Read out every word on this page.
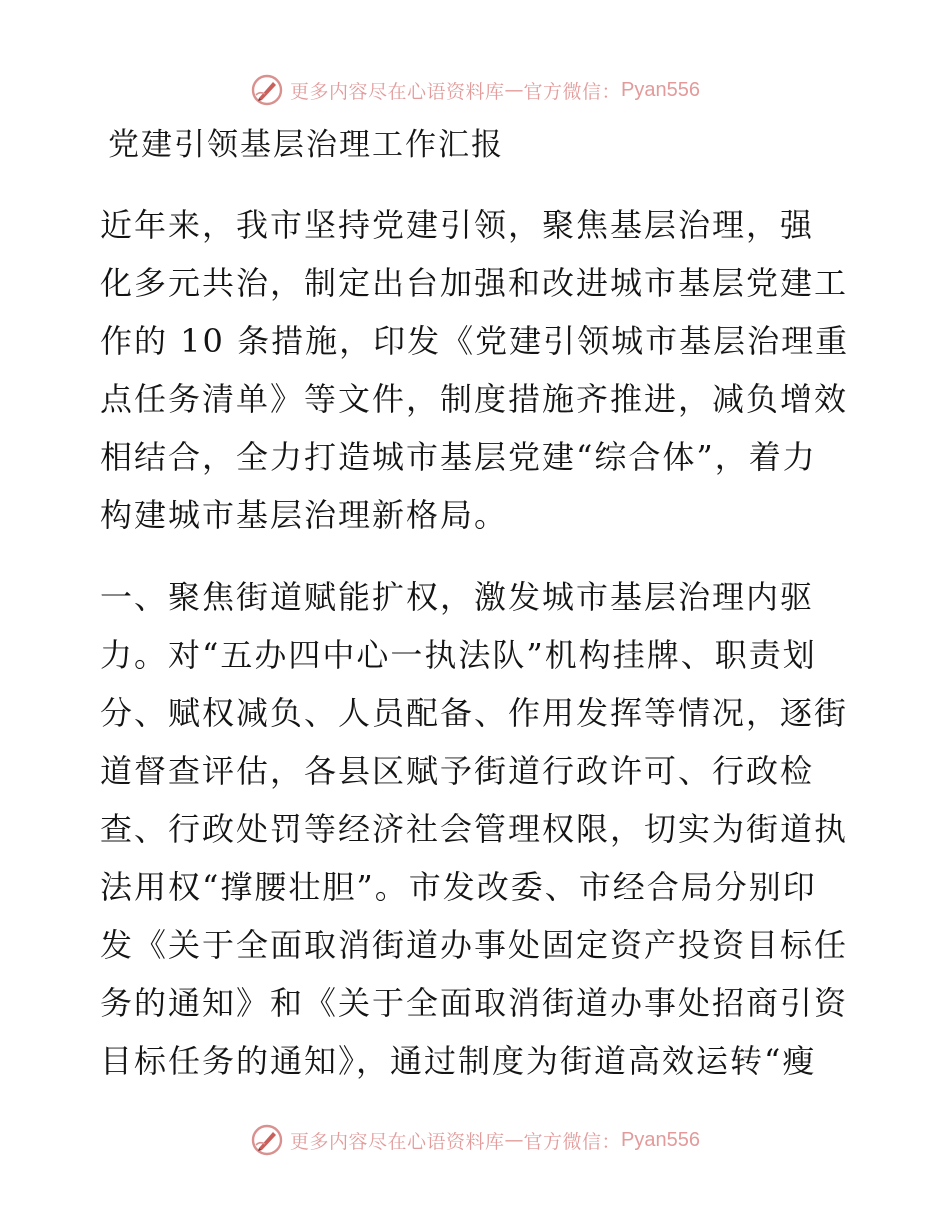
更多内容尽在心语资料库 — 官方微信： Pyan556
党建引领基层治理工作汇报

近年来，我市坚持党建引领，聚焦基层治理，强
化多元共治，制定出台加强和改进城市基层党建工
作的 10 条措施，印发《党建引领城市基层治理重
点任务清单》等文件，制度措施齐推进，减负增效
相结合，全力打造城市基层党建“综合体”，着力
构建城市基层治理新格局。

一、聚焦街道赋能扩权，激发城市基层治理内驱
力。对“五办四中心一执法队”机构挂牌、职责划
分、赋权减负、人员配备、作用发挥等情况，逐街
道督查评估，各县区赋予街道行政许可、行政检
查、行政处罚等经济社会管理权限，切实为街道执
法用权“撑腰壮胆”。市发改委、市经合局分别印
发《关于全面取消街道办事处固定资产投资目标任
务的通知》和《关于全面取消街道办事处招商引资
目标任务的通知》，通过制度为街道高效运转“瘦

更多内容尽在心语资料库 — 官方微信： Pyan556
